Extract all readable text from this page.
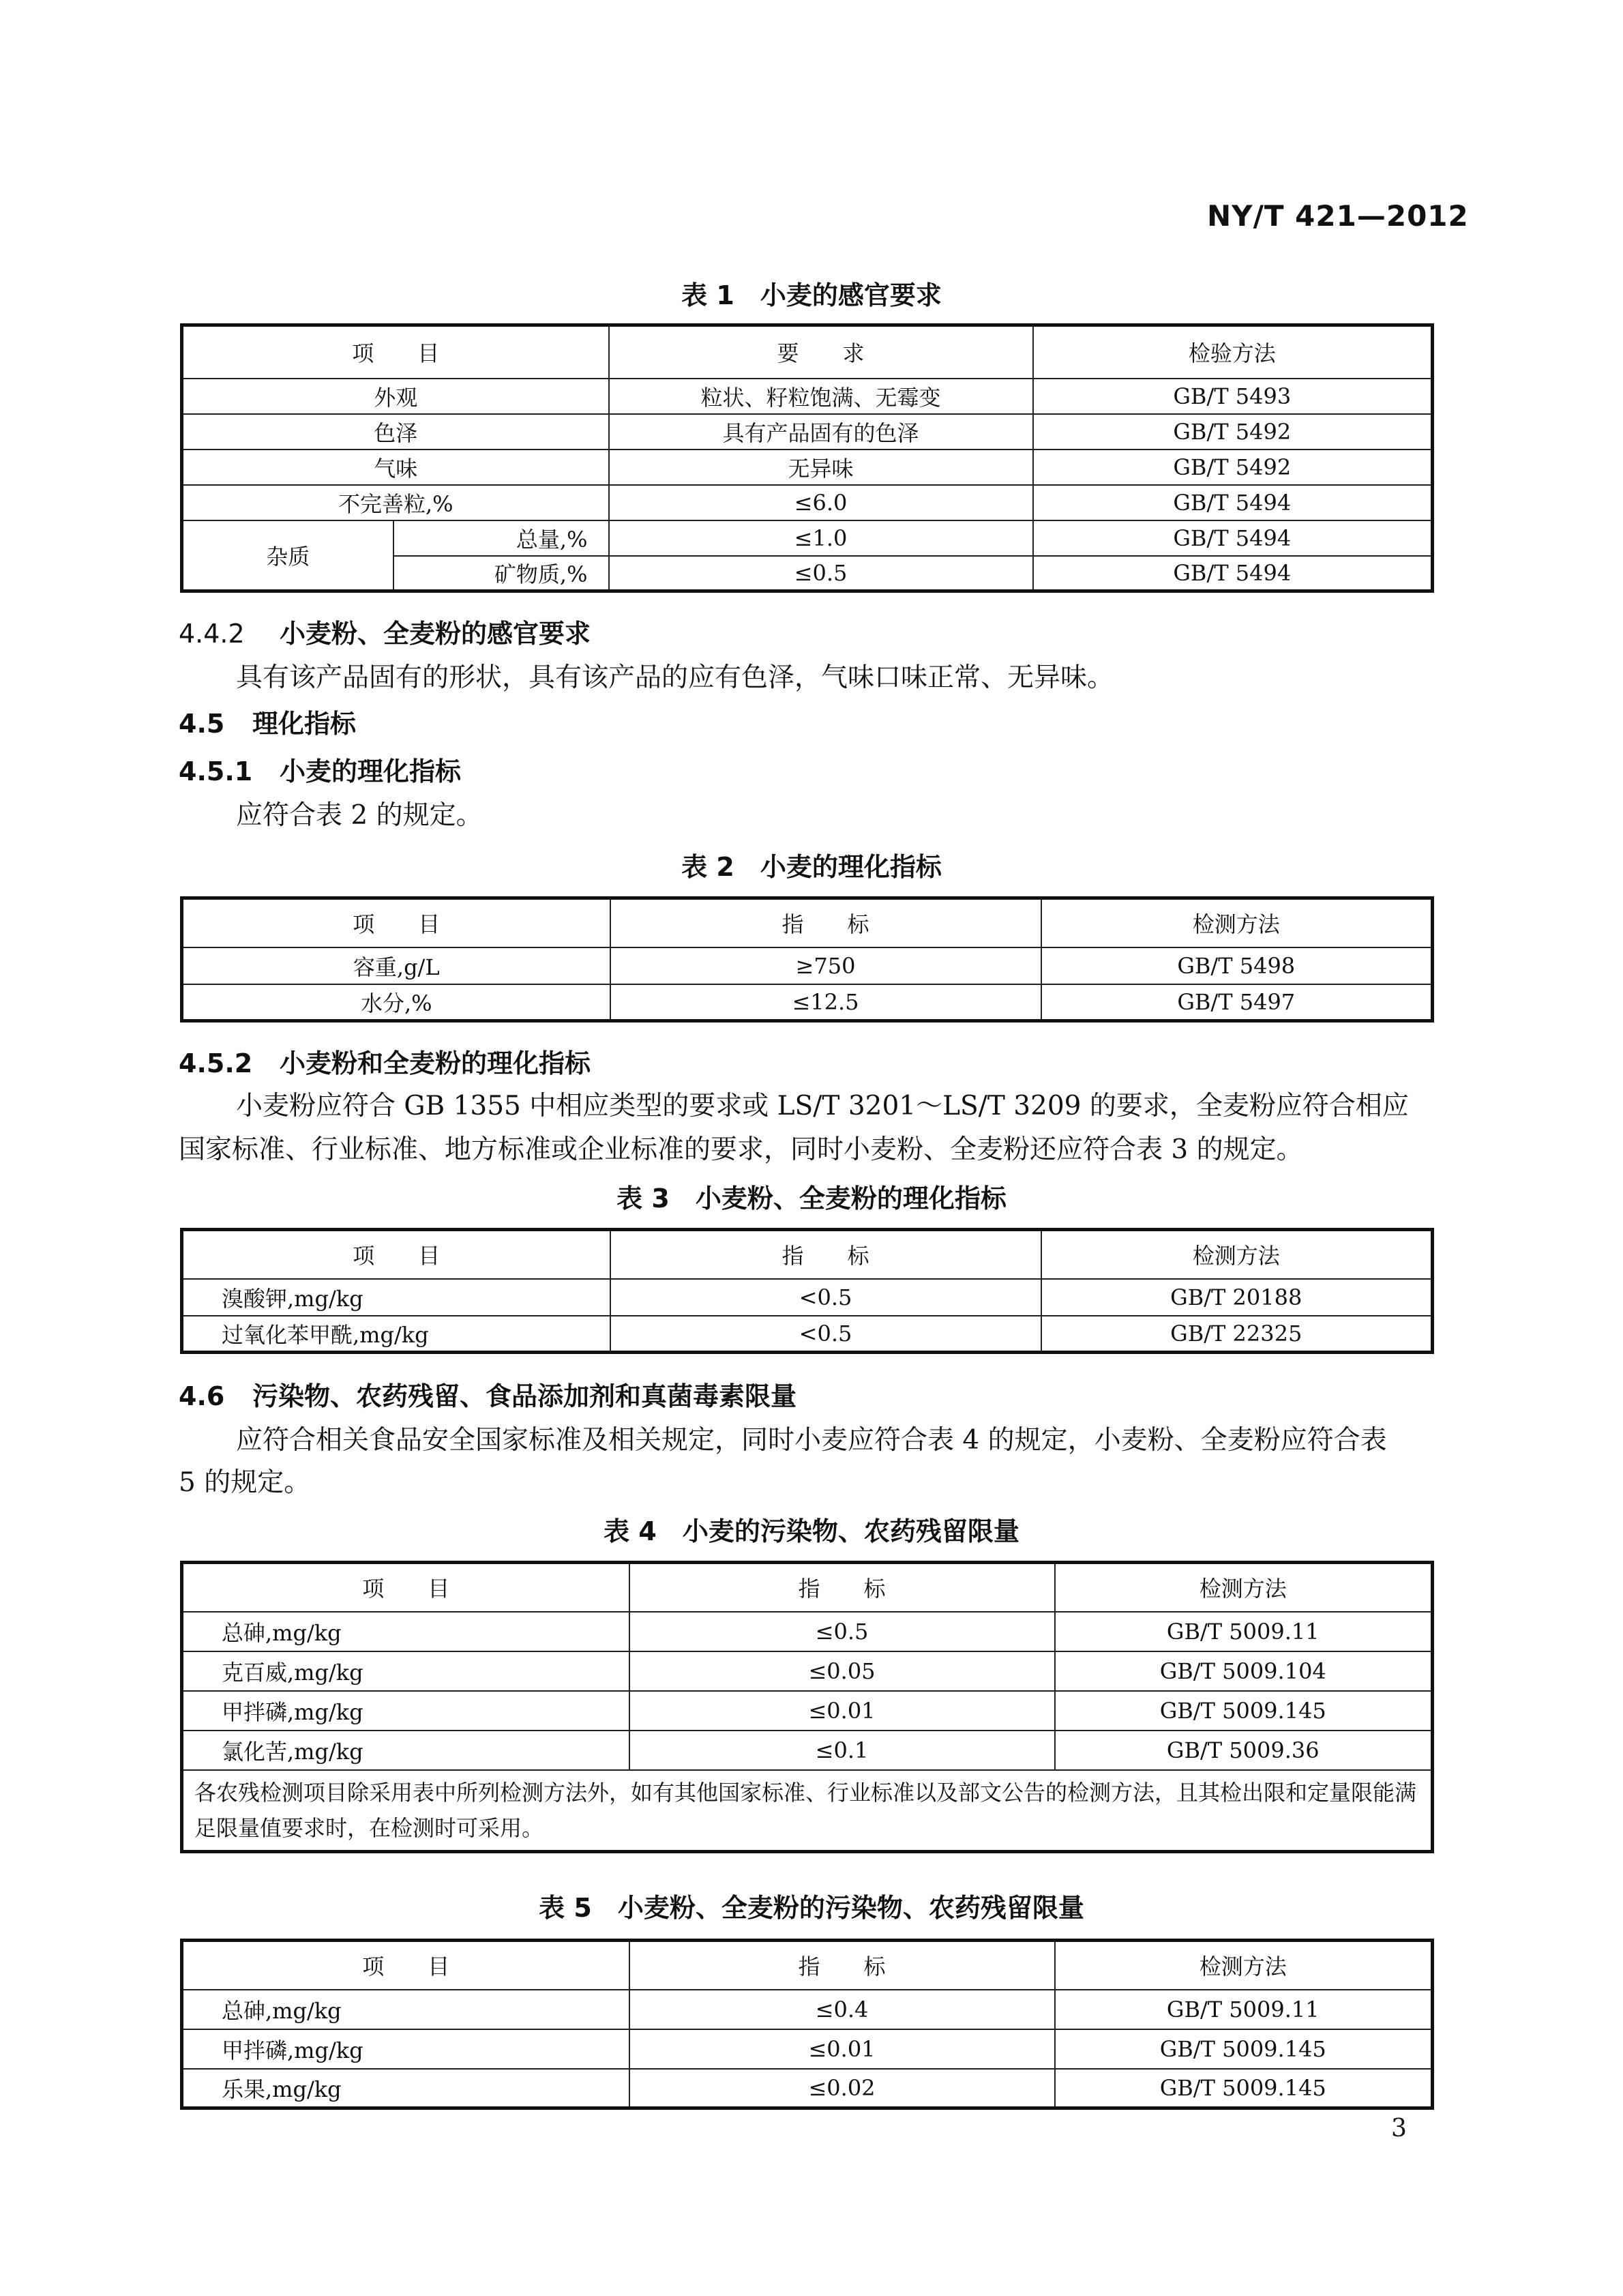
NY/T 421—2012
表 1　小麦的感官要求
项　　目		要　　求	检验方法
外观		粒状、籽粒饱满、无霉变	GB/T 5493
色泽		具有产品固有的色泽	GB/T 5492
气味		无异味	GB/T 5492
不完善粒,%		≤6.0	GB/T 5494
杂质	总量,%	≤1.0	GB/T 5494
	矿物质,%	≤0.5	GB/T 5494
4.4.2 小麦粉、全麦粉的感官要求
具有该产品固有的形状，具有该产品的应有色泽，气味口味正常、无异味。
4.5 理化指标
4.5.1 小麦的理化指标
应符合表 2 的规定。
表 2　小麦的理化指标
项　　目	指　　标	检测方法
容重,g/L	≥750	GB/T 5498
水分,%	≤12.5	GB/T 5497
4.5.2 小麦粉和全麦粉的理化指标
小麦粉应符合 GB 1355 中相应类型的要求或 LS/T 3201～LS/T 3209 的要求，全麦粉应符合相应
国家标准、行业标准、地方标准或企业标准的要求，同时小麦粉、全麦粉还应符合表 3 的规定。
表 3　小麦粉、全麦粉的理化指标
项　　目	指　　标	检测方法
溴酸钾,mg/kg	<0.5	GB/T 20188
过氧化苯甲酰,mg/kg	<0.5	GB/T 22325
4.6 污染物、农药残留、食品添加剂和真菌毒素限量
应符合相关食品安全国家标准及相关规定，同时小麦应符合表 4 的规定，小麦粉、全麦粉应符合表
5 的规定。
表 4　小麦的污染物、农药残留限量
项　　目	指　　标	检测方法
总砷,mg/kg	≤0.5	GB/T 5009.11
克百威,mg/kg	≤0.05	GB/T 5009.104
甲拌磷,mg/kg	≤0.01	GB/T 5009.145
氯化苦,mg/kg	≤0.1	GB/T 5009.36
各农残检测项目除采用表中所列检测方法外，如有其他国家标准、行业标准以及部文公告的检测方法，且其检出限和定量限能满足限量值要求时，在检测时可采用。		
表 5　小麦粉、全麦粉的污染物、农药残留限量
项　　目	指　　标	检测方法
总砷,mg/kg	≤0.4	GB/T 5009.11
甲拌磷,mg/kg	≤0.01	GB/T 5009.145
乐果,mg/kg	≤0.02	GB/T 5009.145
3
